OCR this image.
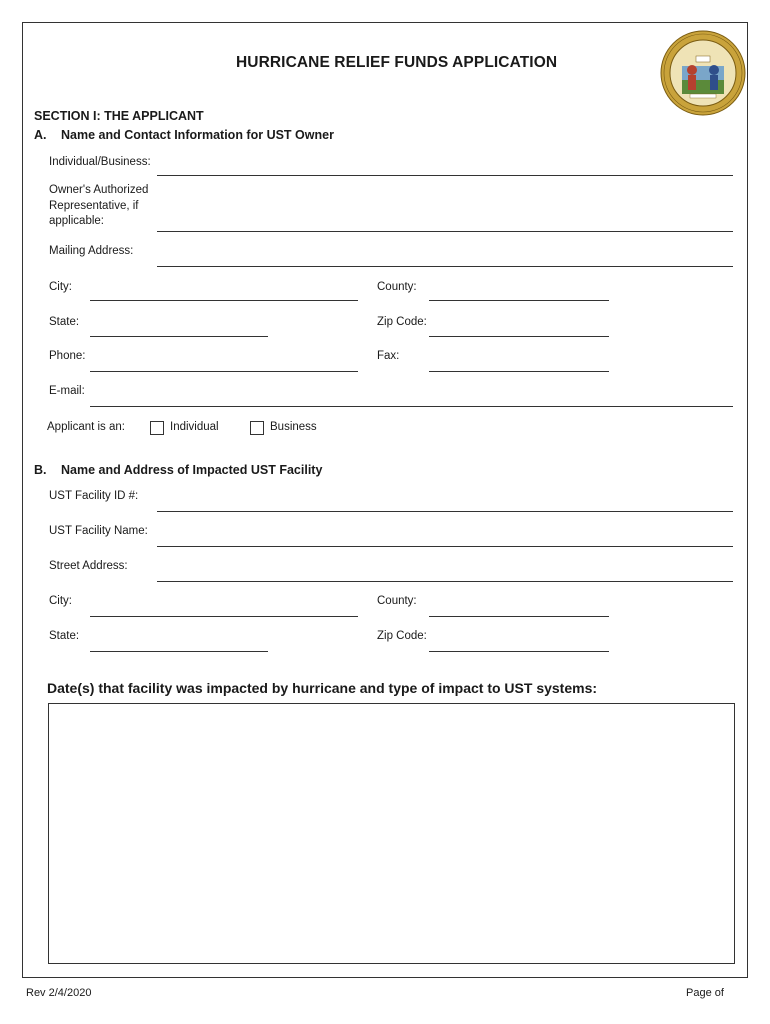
HURRICANE RELIEF FUNDS APPLICATION
SECTION I: THE APPLICANT
A. Name and Contact Information for UST Owner
Individual/Business:
Owner's Authorized
Representative, if
applicable:
Mailing Address:
City:	County:
State:	Zip Code:
Phone:	Fax:
E-mail:
Applicant is an:	Individual	Business
B. Name and Address of Impacted UST Facility
UST Facility ID #:
UST Facility Name:
Street Address:
City:	County:
State:	Zip Code:
Date(s) that facility was impacted by hurricane and type of impact to UST systems:
Rev 2/4/2020	Page of
